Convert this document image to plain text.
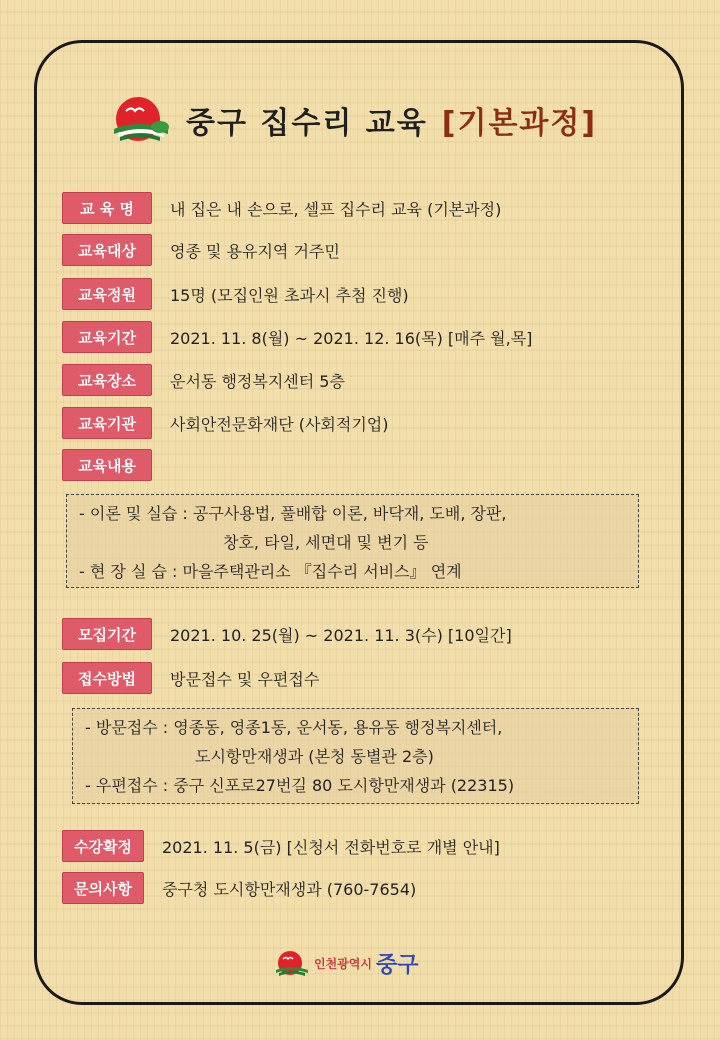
중구 집수리 교육 [기본과정]
교 육 명	내 집은 내 손으로, 셀프 집수리 교육 (기본과정)
교육대상	영종 및 용유지역 거주민
교육정원	15명 (모집인원 초과시 추첨 진행)
교육기간	2021. 11. 8(월) ~ 2021. 12. 16(목) [매주 월,목]
교육장소	운서동 행정복지센터 5층
교육기관	사회안전문화재단 (사회적기업)
교육내용
- 이론 및 실습 : 공구사용법, 풀배합 이론, 바닥재, 도배, 장판,
창호, 타일, 세면대 및 변기 등
- 현 장 실 습 : 마을주택관리소 『집수리 서비스』 연계
모집기간	2021. 10. 25(월) ~ 2021. 11. 3(수) [10일간]
접수방법	방문접수 및 우편접수
- 방문접수 : 영종동, 영종1동, 운서동, 용유동 행정복지센터,
도시항만재생과 (본청 동별관 2층)
- 우편접수 : 중구 신포로27번길 80 도시항만재생과 (22315)
수강확정	2021. 11. 5(금) [신청서 전화번호로 개별 안내]
문의사항	중구청 도시항만재생과 (760-7654)
인천광역시 중구
